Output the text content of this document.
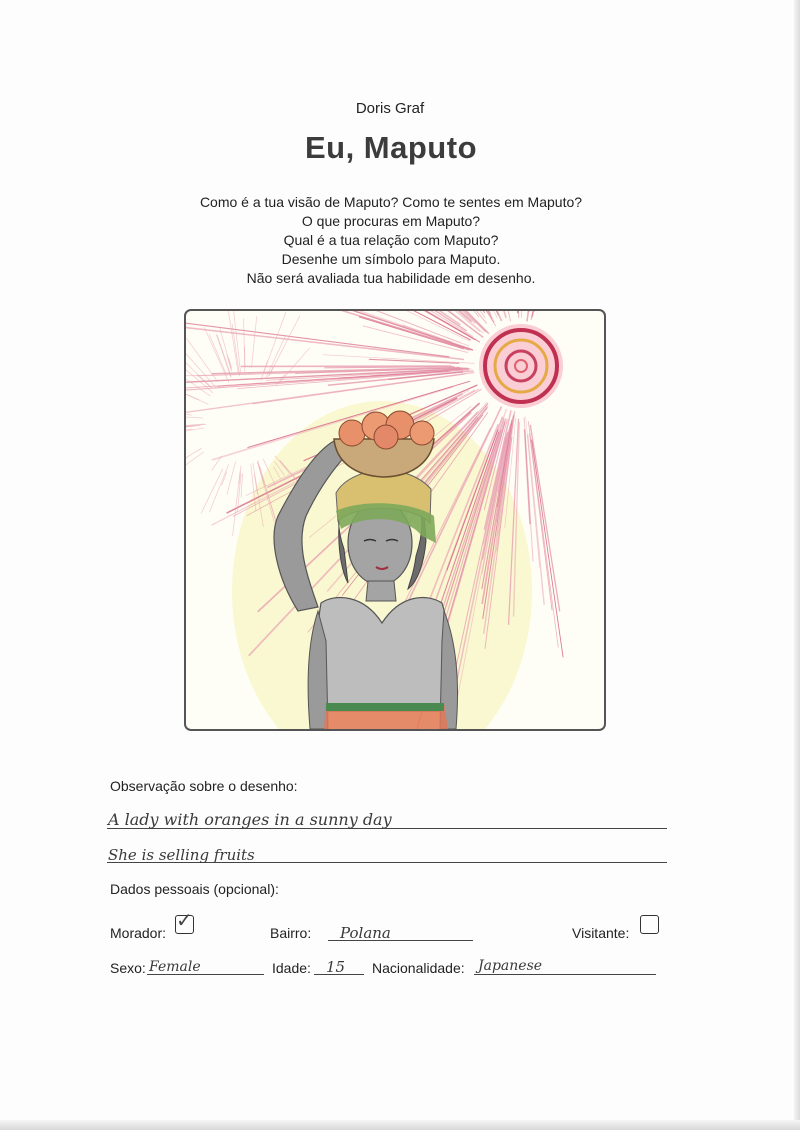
Doris Graf
Eu, Maputo
Como é a tua visão de Maputo? Como te sentes em Maputo?
O que procuras em Maputo?
Qual é a tua relação com Maputo?
Desenhe um símbolo para Maputo.
Não será avaliada tua habilidade em desenho.
Observação sobre o desenho:
A lady with oranges in a sunny day
She is selling fruits
Dados pessoais (opcional):
Morador:
✓
Bairro: Polana	Visitante:
Sexo: Female	Idade: 15 Nacionalidade: Japanese
